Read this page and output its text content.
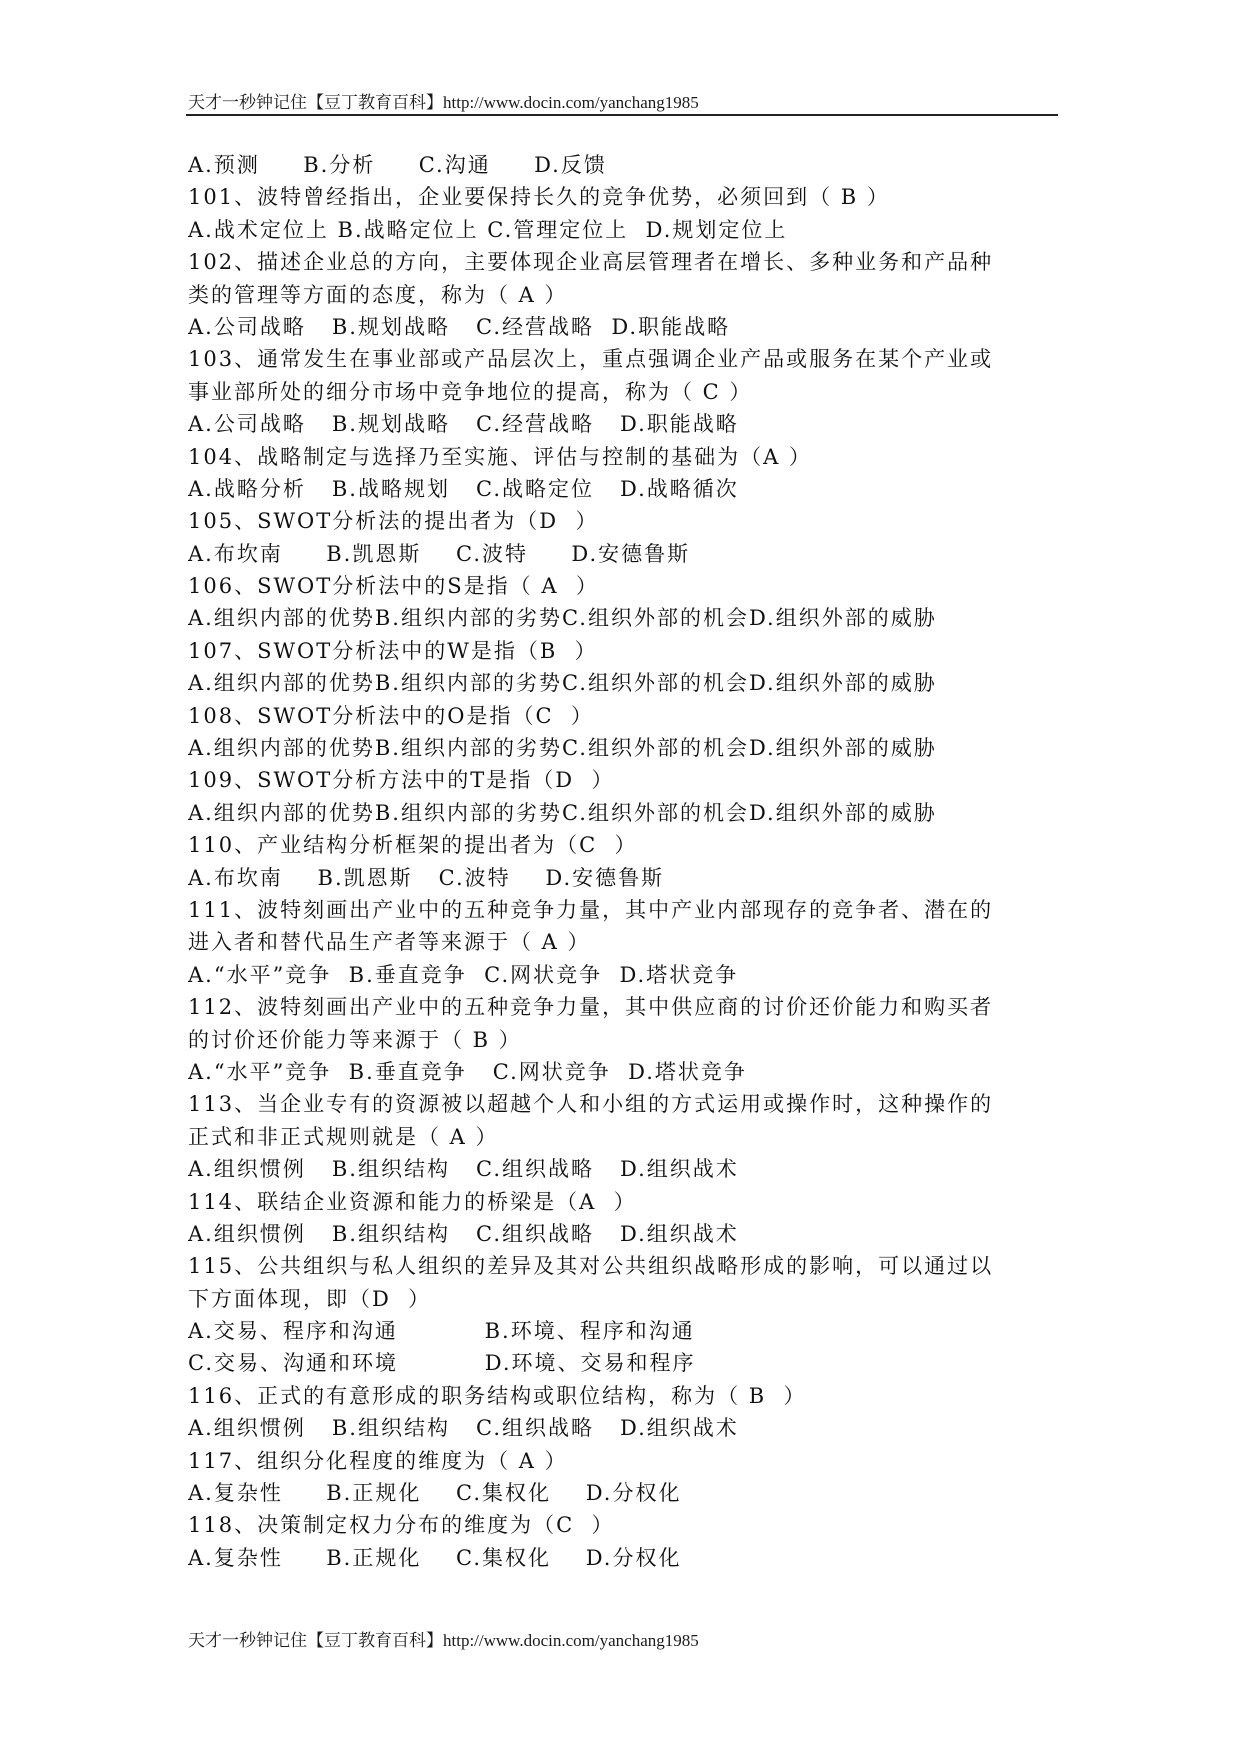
天才一秒钟记住【豆丁教育百科】http://www.docin.com/yanchang1985
A.预测     B.分析     C.沟通     D.反馈
101、波特曾经指出，企业要保持长久的竞争优势，必须回到（ B ）
A.战术定位上 B.战略定位上 C.管理定位上  D.规划定位上
102、描述企业总的方向，主要体现企业高层管理者在增长、多种业务和产品种
类的管理等方面的态度，称为（ A ）
A.公司战略   B.规划战略   C.经营战略  D.职能战略
103、通常发生在事业部或产品层次上，重点强调企业产品或服务在某个产业或
事业部所处的细分市场中竞争地位的提高，称为（ C ）
A.公司战略   B.规划战略   C.经营战略   D.职能战略
104、战略制定与选择乃至实施、评估与控制的基础为（A ）
A.战略分析   B.战略规划   C.战略定位   D.战略循次
105、SWOT分析法的提出者为（D  ）
A.布坎南     B.凯恩斯    C.波特     D.安德鲁斯
106、SWOT分析法中的S是指（ A  ）
A.组织内部的优势B.组织内部的劣势C.组织外部的机会D.组织外部的威胁
107、SWOT分析法中的W是指（B  ）
A.组织内部的优势B.组织内部的劣势C.组织外部的机会D.组织外部的威胁
108、SWOT分析法中的O是指（C  ）
A.组织内部的优势B.组织内部的劣势C.组织外部的机会D.组织外部的威胁
109、SWOT分析方法中的T是指（D  ）
A.组织内部的优势B.组织内部的劣势C.组织外部的机会D.组织外部的威胁
110、产业结构分析框架的提出者为（C  ）
A.布坎南    B.凯恩斯   C.波特    D.安德鲁斯
111、波特刻画出产业中的五种竞争力量，其中产业内部现存的竞争者、潜在的
进入者和替代品生产者等来源于（ A ）
A.“水平”竞争  B.垂直竞争  C.网状竞争  D.塔状竞争
112、波特刻画出产业中的五种竞争力量，其中供应商的讨价还价能力和购买者
的讨价还价能力等来源于（ B ）
A.“水平”竞争  B.垂直竞争   C.网状竞争  D.塔状竞争
113、当企业专有的资源被以超越个人和小组的方式运用或操作时，这种操作的
正式和非正式规则就是（ A ）
A.组织惯例   B.组织结构   C.组织战略   D.组织战术
114、联结企业资源和能力的桥梁是（A  ）
A.组织惯例   B.组织结构   C.组织战略   D.组织战术
115、公共组织与私人组织的差异及其对公共组织战略形成的影响，可以通过以
下方面体现，即（D  ）
A.交易、程序和沟通          B.环境、程序和沟通
C.交易、沟通和环境          D.环境、交易和程序
116、正式的有意形成的职务结构或职位结构，称为（ B  ）
A.组织惯例   B.组织结构   C.组织战略   D.组织战术
117、组织分化程度的维度为（ A ）
A.复杂性     B.正规化    C.集权化    D.分权化
118、决策制定权力分布的维度为（C  ）
A.复杂性     B.正规化    C.集权化    D.分权化
天才一秒钟记住【豆丁教育百科】http://www.docin.com/yanchang1985
